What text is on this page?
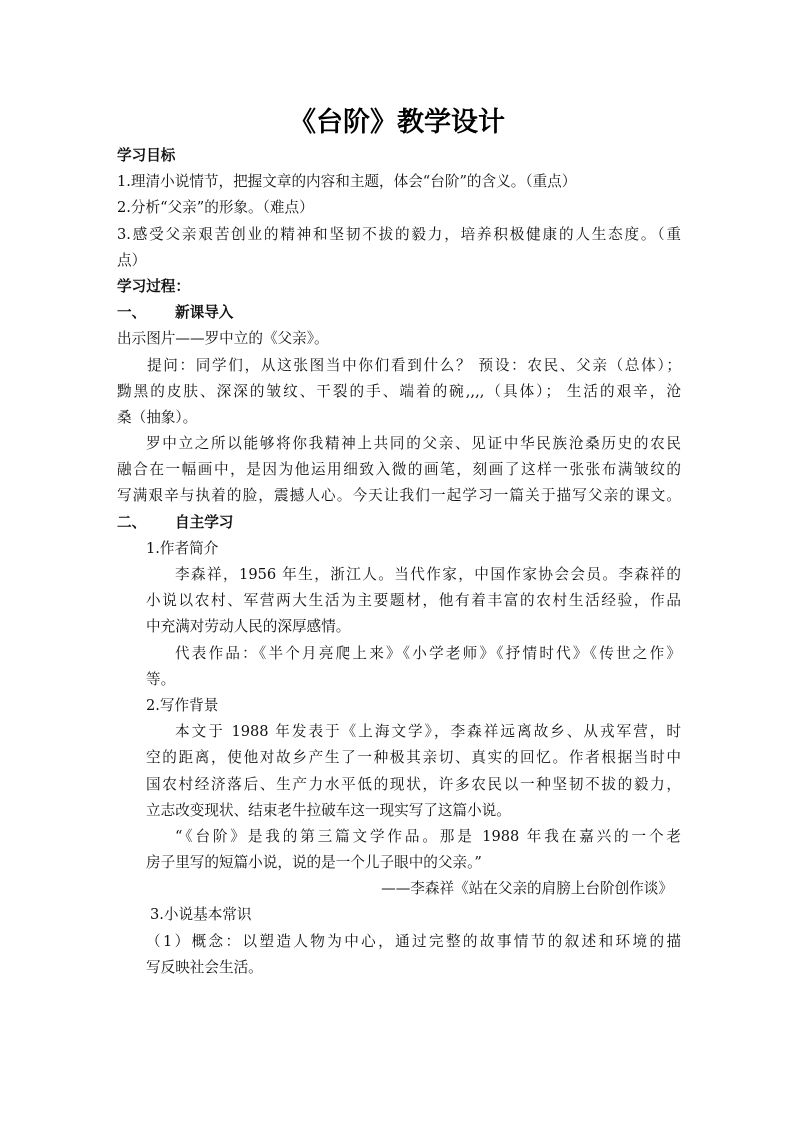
《台阶》教学设计
学习目标
1.理清小说情节，把握文章的内容和主题，体会“台阶”的含义。（重点）
2.分析“父亲”的形象。（难点）
3.感受父亲艰苦创业的精神和坚韧不拔的毅力，培养积极健康的人生态度。（重
点）
学习过程：
一、 新课导入
出示图片——罗中立的《父亲》。
提问：同学们，从这张图当中你们看到什么？ 预设：农民、父亲（总体）；
黝黑的皮肤、深深的皱纹、干裂的手、端着的碗,,,,（具体）； 生活的艰辛，沧
桑（抽象）。
罗中立之所以能够将你我精神上共同的父亲、见证中华民族沧桑历史的农民
融合在一幅画中，是因为他运用细致入微的画笔，刻画了这样一张张布满皱纹的
写满艰辛与执着的脸，震撼人心。今天让我们一起学习一篇关于描写父亲的课文。
二、 自主学习
1.作者简介
李森祥，1956 年生，浙江人。当代作家，中国作家协会会员。李森祥的
小说以农村、军营两大生活为主要题材，他有着丰富的农村生活经验，作品
中充满对劳动人民的深厚感情。
代表作品：《半个月亮爬上来》《小学老师》《抒情时代》《传世之作》
等。
2.写作背景
本文于 1988 年发表于《上海文学》，李森祥远离故乡、从戎军营，时
空的距离，使他对故乡产生了一种极其亲切、真实的回忆。作者根据当时中
国农村经济落后、生产力水平低的现状，许多农民以一种坚韧不拔的毅力，
立志改变现状、结束老牛拉破车这一现实写了这篇小说。
“《台阶》是我的第三篇文学作品。那是 1988 年我在嘉兴的一个老
房子里写的短篇小说，说的是一个儿子眼中的父亲。”
——李森祥《站在父亲的肩膀上台阶创作谈》
3.小说基本常识
（1）概念：以塑造人物为中心，通过完整的故事情节的叙述和环境的描
写反映社会生活。
